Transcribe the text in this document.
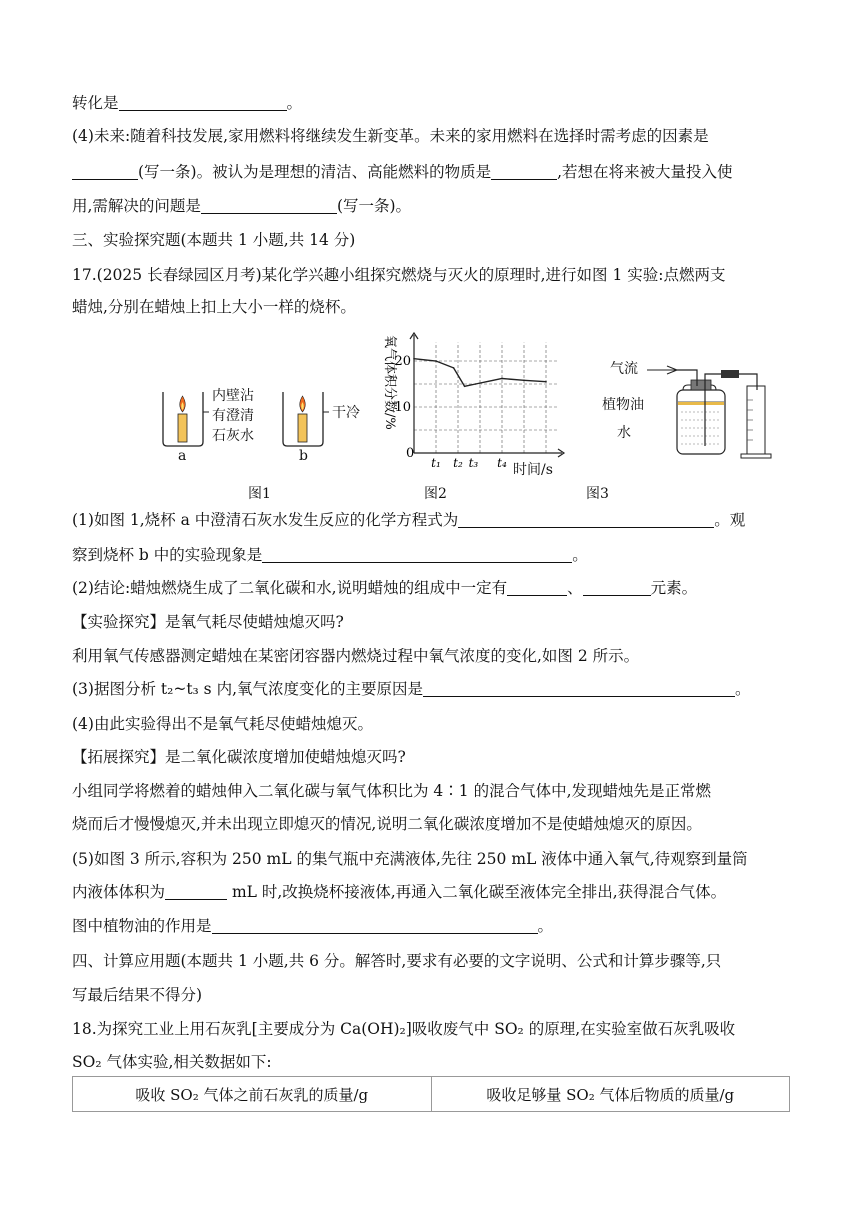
转化是	。
(4)未来:随着科技发展,家用燃料将继续发生新变革。未来的家用燃料在选择时需考虑的因素是
(写一条)。被认为是理想的清洁、高能燃料的物质是	,若想在将来被大量投入使
用,需解决的问题是	(写一条)。
三、实验探究题(本题共 1 小题,共 14 分)
17.(2025 长春绿园区月考)某化学兴趣小组探究燃烧与灭火的原理时,进行如图 1 实验:点燃两支
蜡烛,分别在蜡烛上扣上大小一样的烧杯。
内壁沾
有澄清
石灰水
干冷
a	b
图1
氧气体积分数/%
10
20
t₁ t₂ t₃ t₄
0
时间/s
图2
气流
植物油
水
图3
(1)如图 1,烧杯 a 中澄清石灰水发生反应的化学方程式为	。观
察到烧杯 b 中的实验现象是	。
(2)结论:蜡烛燃烧生成了二氧化碳和水,说明蜡烛的组成中一定有	、	元素。
【实验探究】是氧气耗尽使蜡烛熄灭吗?
利用氧气传感器测定蜡烛在某密闭容器内燃烧过程中氧气浓度的变化,如图 2 所示。
(3)据图分析 t₂~t₃ s 内,氧气浓度变化的主要原因是	。
(4)由此实验得出不是氧气耗尽使蜡烛熄灭。
【拓展探究】是二氧化碳浓度增加使蜡烛熄灭吗?
小组同学将燃着的蜡烛伸入二氧化碳与氧气体积比为 4∶1 的混合气体中,发现蜡烛先是正常燃
烧而后才慢慢熄灭,并未出现立即熄灭的情况,说明二氧化碳浓度增加不是使蜡烛熄灭的原因。
(5)如图 3 所示,容积为 250 mL 的集气瓶中充满液体,先往 250 mL 液体中通入氧气,待观察到量筒
内液体体积为	mL 时,改换烧杯接液体,再通入二氧化碳至液体完全排出,获得混合气体。
图中植物油的作用是	。
四、计算应用题(本题共 1 小题,共 6 分。解答时,要求有必要的文字说明、公式和计算步骤等,只
写最后结果不得分)
18.为探究工业上用石灰乳[主要成分为 Ca(OH)₂]吸收废气中 SO₂ 的原理,在实验室做石灰乳吸收
SO₂ 气体实验,相关数据如下:
吸收 SO₂ 气体之前石灰乳的质量/g	吸收足够量 SO₂ 气体后物质的质量/g
